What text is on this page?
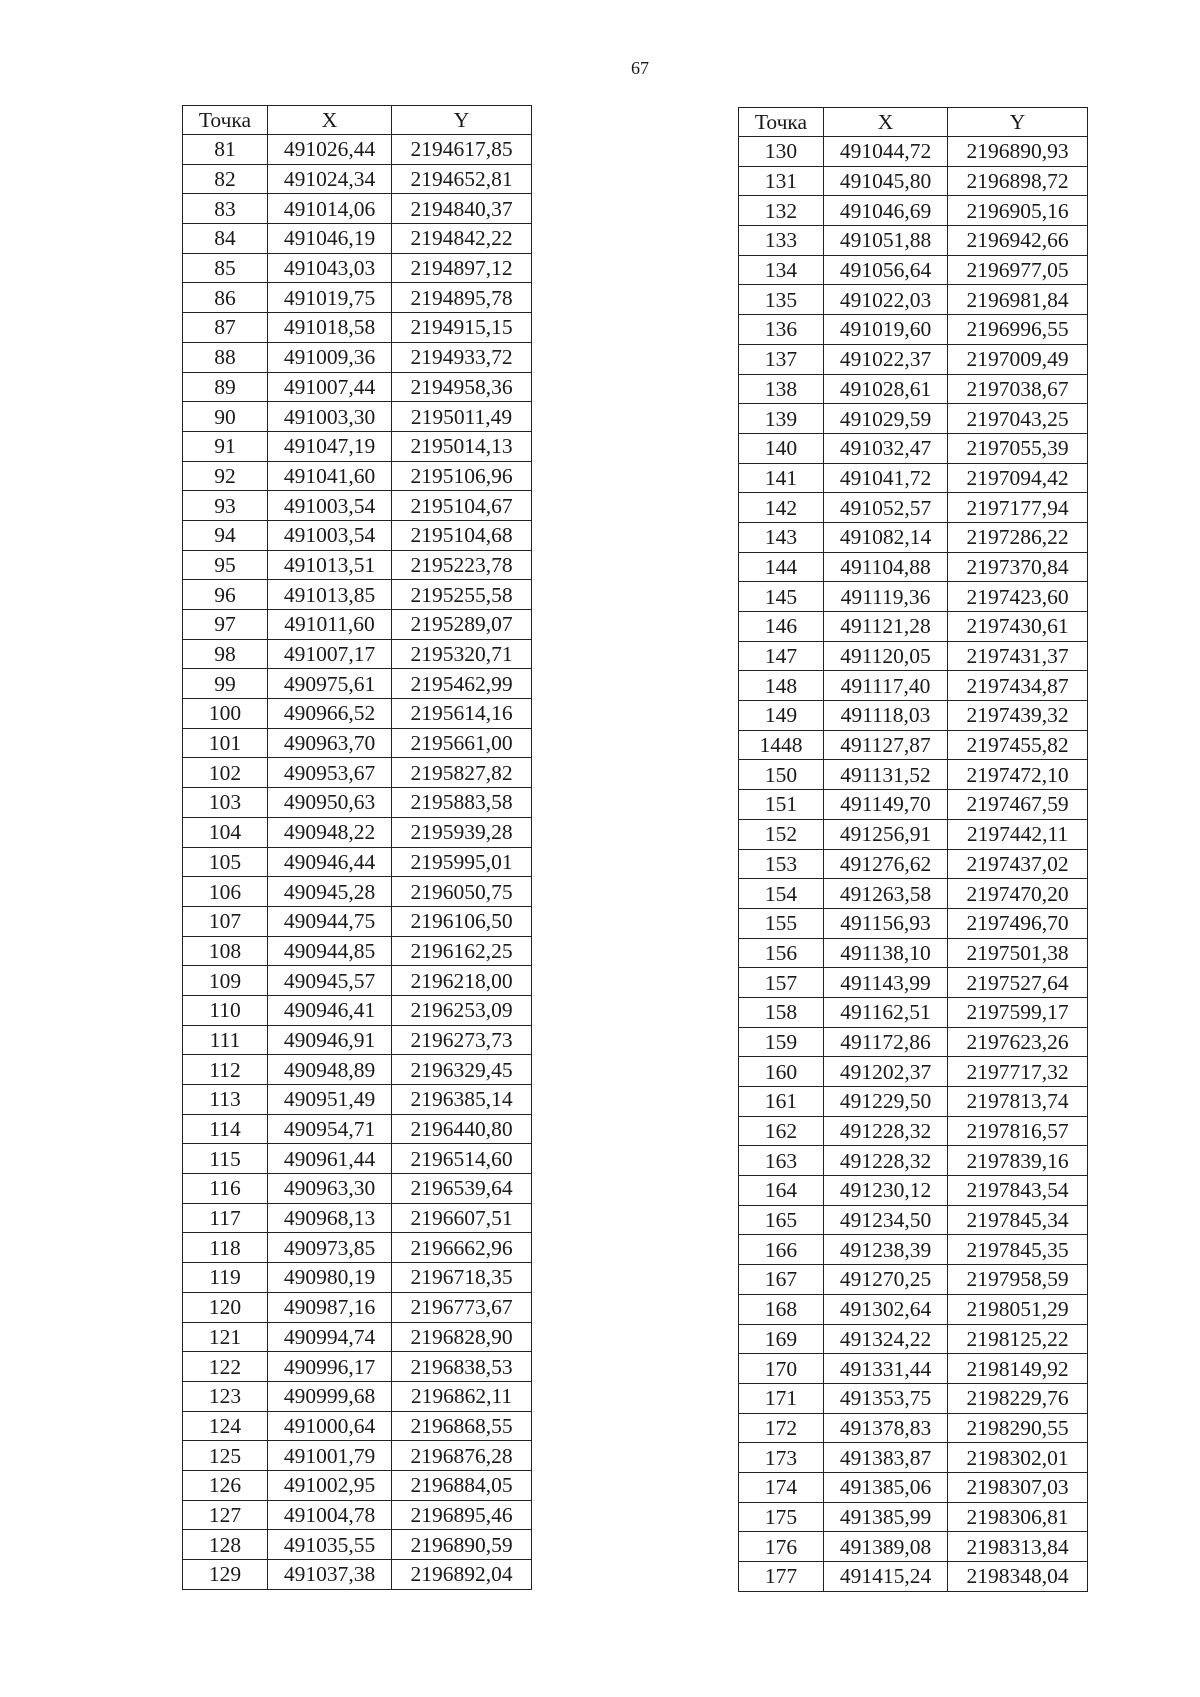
67
Точка	X	Y
81	491026,44	2194617,85
82	491024,34	2194652,81
83	491014,06	2194840,37
84	491046,19	2194842,22
85	491043,03	2194897,12
86	491019,75	2194895,78
87	491018,58	2194915,15
88	491009,36	2194933,72
89	491007,44	2194958,36
90	491003,30	2195011,49
91	491047,19	2195014,13
92	491041,60	2195106,96
93	491003,54	2195104,67
94	491003,54	2195104,68
95	491013,51	2195223,78
96	491013,85	2195255,58
97	491011,60	2195289,07
98	491007,17	2195320,71
99	490975,61	2195462,99
100	490966,52	2195614,16
101	490963,70	2195661,00
102	490953,67	2195827,82
103	490950,63	2195883,58
104	490948,22	2195939,28
105	490946,44	2195995,01
106	490945,28	2196050,75
107	490944,75	2196106,50
108	490944,85	2196162,25
109	490945,57	2196218,00
110	490946,41	2196253,09
111	490946,91	2196273,73
112	490948,89	2196329,45
113	490951,49	2196385,14
114	490954,71	2196440,80
115	490961,44	2196514,60
116	490963,30	2196539,64
117	490968,13	2196607,51
118	490973,85	2196662,96
119	490980,19	2196718,35
120	490987,16	2196773,67
121	490994,74	2196828,90
122	490996,17	2196838,53
123	490999,68	2196862,11
124	491000,64	2196868,55
125	491001,79	2196876,28
126	491002,95	2196884,05
127	491004,78	2196895,46
128	491035,55	2196890,59
129	491037,38	2196892,04
Точка	X	Y
130	491044,72	2196890,93
131	491045,80	2196898,72
132	491046,69	2196905,16
133	491051,88	2196942,66
134	491056,64	2196977,05
135	491022,03	2196981,84
136	491019,60	2196996,55
137	491022,37	2197009,49
138	491028,61	2197038,67
139	491029,59	2197043,25
140	491032,47	2197055,39
141	491041,72	2197094,42
142	491052,57	2197177,94
143	491082,14	2197286,22
144	491104,88	2197370,84
145	491119,36	2197423,60
146	491121,28	2197430,61
147	491120,05	2197431,37
148	491117,40	2197434,87
149	491118,03	2197439,32
1448	491127,87	2197455,82
150	491131,52	2197472,10
151	491149,70	2197467,59
152	491256,91	2197442,11
153	491276,62	2197437,02
154	491263,58	2197470,20
155	491156,93	2197496,70
156	491138,10	2197501,38
157	491143,99	2197527,64
158	491162,51	2197599,17
159	491172,86	2197623,26
160	491202,37	2197717,32
161	491229,50	2197813,74
162	491228,32	2197816,57
163	491228,32	2197839,16
164	491230,12	2197843,54
165	491234,50	2197845,34
166	491238,39	2197845,35
167	491270,25	2197958,59
168	491302,64	2198051,29
169	491324,22	2198125,22
170	491331,44	2198149,92
171	491353,75	2198229,76
172	491378,83	2198290,55
173	491383,87	2198302,01
174	491385,06	2198307,03
175	491385,99	2198306,81
176	491389,08	2198313,84
177	491415,24	2198348,04
